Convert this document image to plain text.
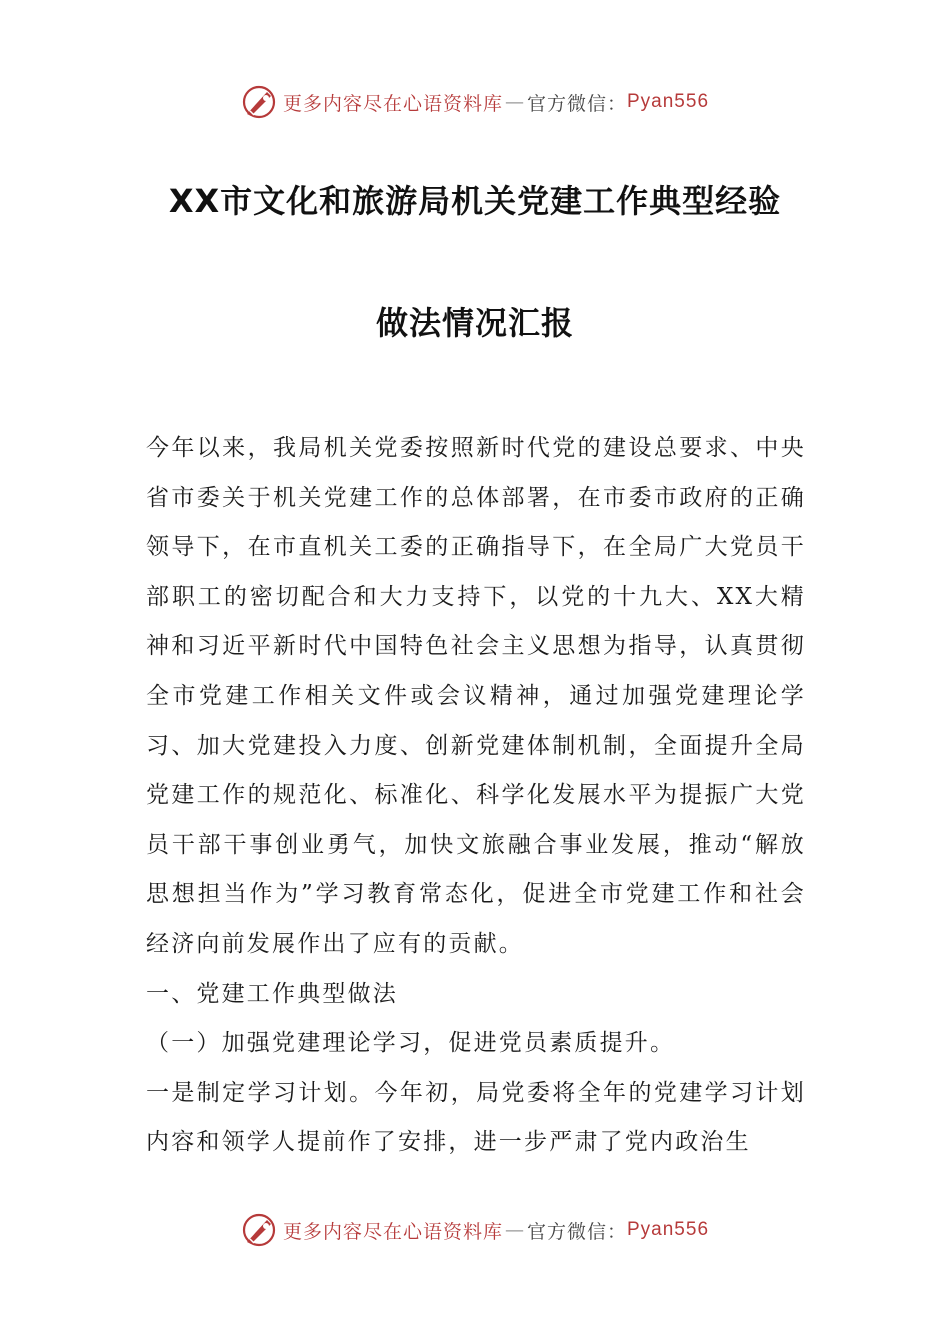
更多内容尽在心语资料库 — 官方微信： Pyan556
XX市文化和旅游局机关党建工作典型经验
做法情况汇报

今年以来，我局机关党委按照新时代党的建设总要求、中央省市委关于机关党建工作的总体部署，在市委市政府的正确领导下，在市直机关工委的正确指导下，在全局广大党员干部职工的密切配合和大力支持下，以党的十九大、XX大精神和习近平新时代中国特色社会主义思想为指导，认真贯彻全市党建工作相关文件或会议精神，通过加强党建理论学习、加大党建投入力度、创新党建体制机制，全面提升全局党建工作的规范化、标准化、科学化发展水平为提振广大党员干部干事创业勇气，加快文旅融合事业发展，推动“解放思想担当作为”学习教育常态化，促进全市党建工作和社会经济向前发展作出了应有的贡献。

一、党建工作典型做法

（一）加强党建理论学习，促进党员素质提升。

一是制定学习计划。今年初，局党委将全年的党建学习计划内容和领学人提前作了安排，进一步严肃了党内政治生

更多内容尽在心语资料库 — 官方微信： Pyan556
